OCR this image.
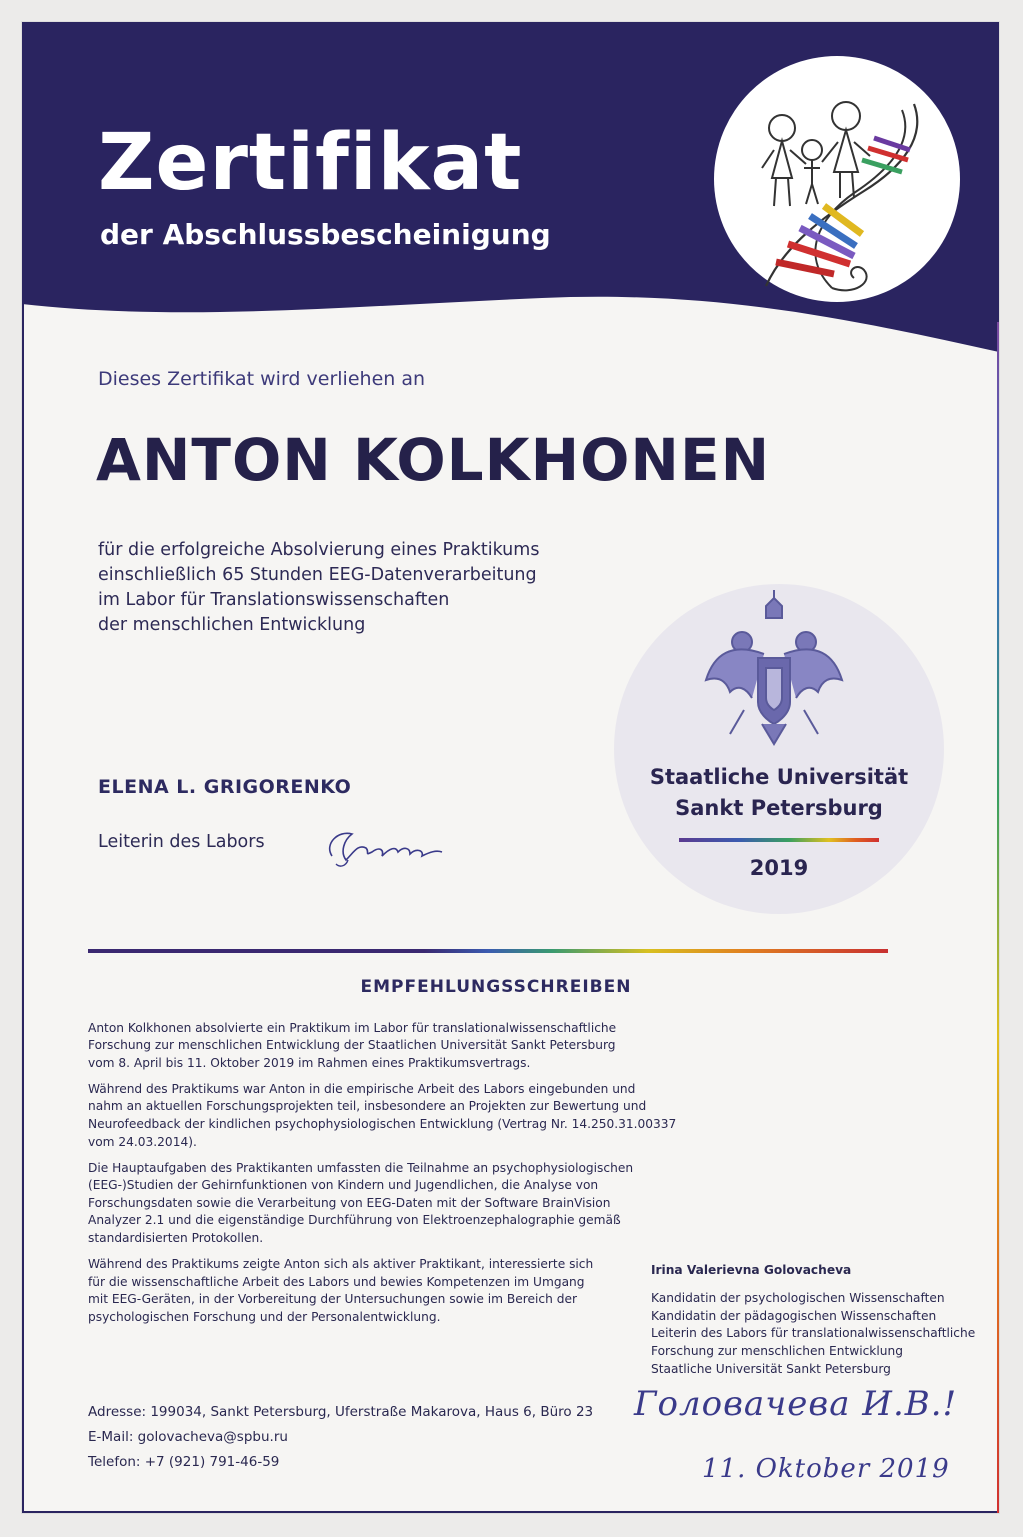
Zertifikat
der Abschlussbescheinigung

Dieses Zertifikat wird verliehen an

ANTON KOLKHONEN

für die erfolgreiche Absolvierung eines Praktikums
einschließlich 65 Stunden EEG-Datenverarbeitung
im Labor für Translationswissenschaften
der menschlichen Entwicklung
Staatliche Universität
Sankt Petersburg
2019

ELENA L. GRIGORENKO

Leiterin des Labors

EMPFEHLUNGSSCHREIBEN

Anton Kolkhonen absolvierte ein Praktikum im Labor für translationalwissenschaftliche
Forschung zur menschlichen Entwicklung der Staatlichen Universität Sankt Petersburg
vom 8. April bis 11. Oktober 2019 im Rahmen eines Praktikumsvertrags.

Während des Praktikums war Anton in die empirische Arbeit des Labors eingebunden und
nahm an aktuellen Forschungsprojekten teil, insbesondere an Projekten zur Bewertung und
Neurofeedback der kindlichen psychophysiologischen Entwicklung (Vertrag Nr. 14.250.31.00337
vom 24.03.2014).

Die Hauptaufgaben des Praktikanten umfassten die Teilnahme an psychophysiologischen
(EEG-)Studien der Gehirnfunktionen von Kindern und Jugendlichen, die Analyse von
Forschungsdaten sowie die Verarbeitung von EEG-Daten mit der Software BrainVision
Analyzer 2.1 und die eigenständige Durchführung von Elektroenzephalographie gemäß
standardisierten Protokollen.

Während des Praktikums zeigte Anton sich als aktiver Praktikant, interessierte sich
für die wissenschaftliche Arbeit des Labors und bewies Kompetenzen im Umgang
mit EEG-Geräten, in der Vorbereitung der Untersuchungen sowie im Bereich der
psychologischen Forschung und der Personalentwicklung.

Irina Valerievna Golovacheva
Kandidatin der psychologischen Wissenschaften
Kandidatin der pädagogischen Wissenschaften
Leiterin des Labors für translationalwissenschaftliche
Forschung zur menschlichen Entwicklung
Staatliche Universität Sankt Petersburg
Adresse: 199034, Sankt Petersburg, Uferstraße Makarova, Haus 6, Büro 23
E-Mail: golovacheva@spbu.ru
Telefon: +7 (921) 791-46-59
Головачева И.В.!
11. Oktober 2019
